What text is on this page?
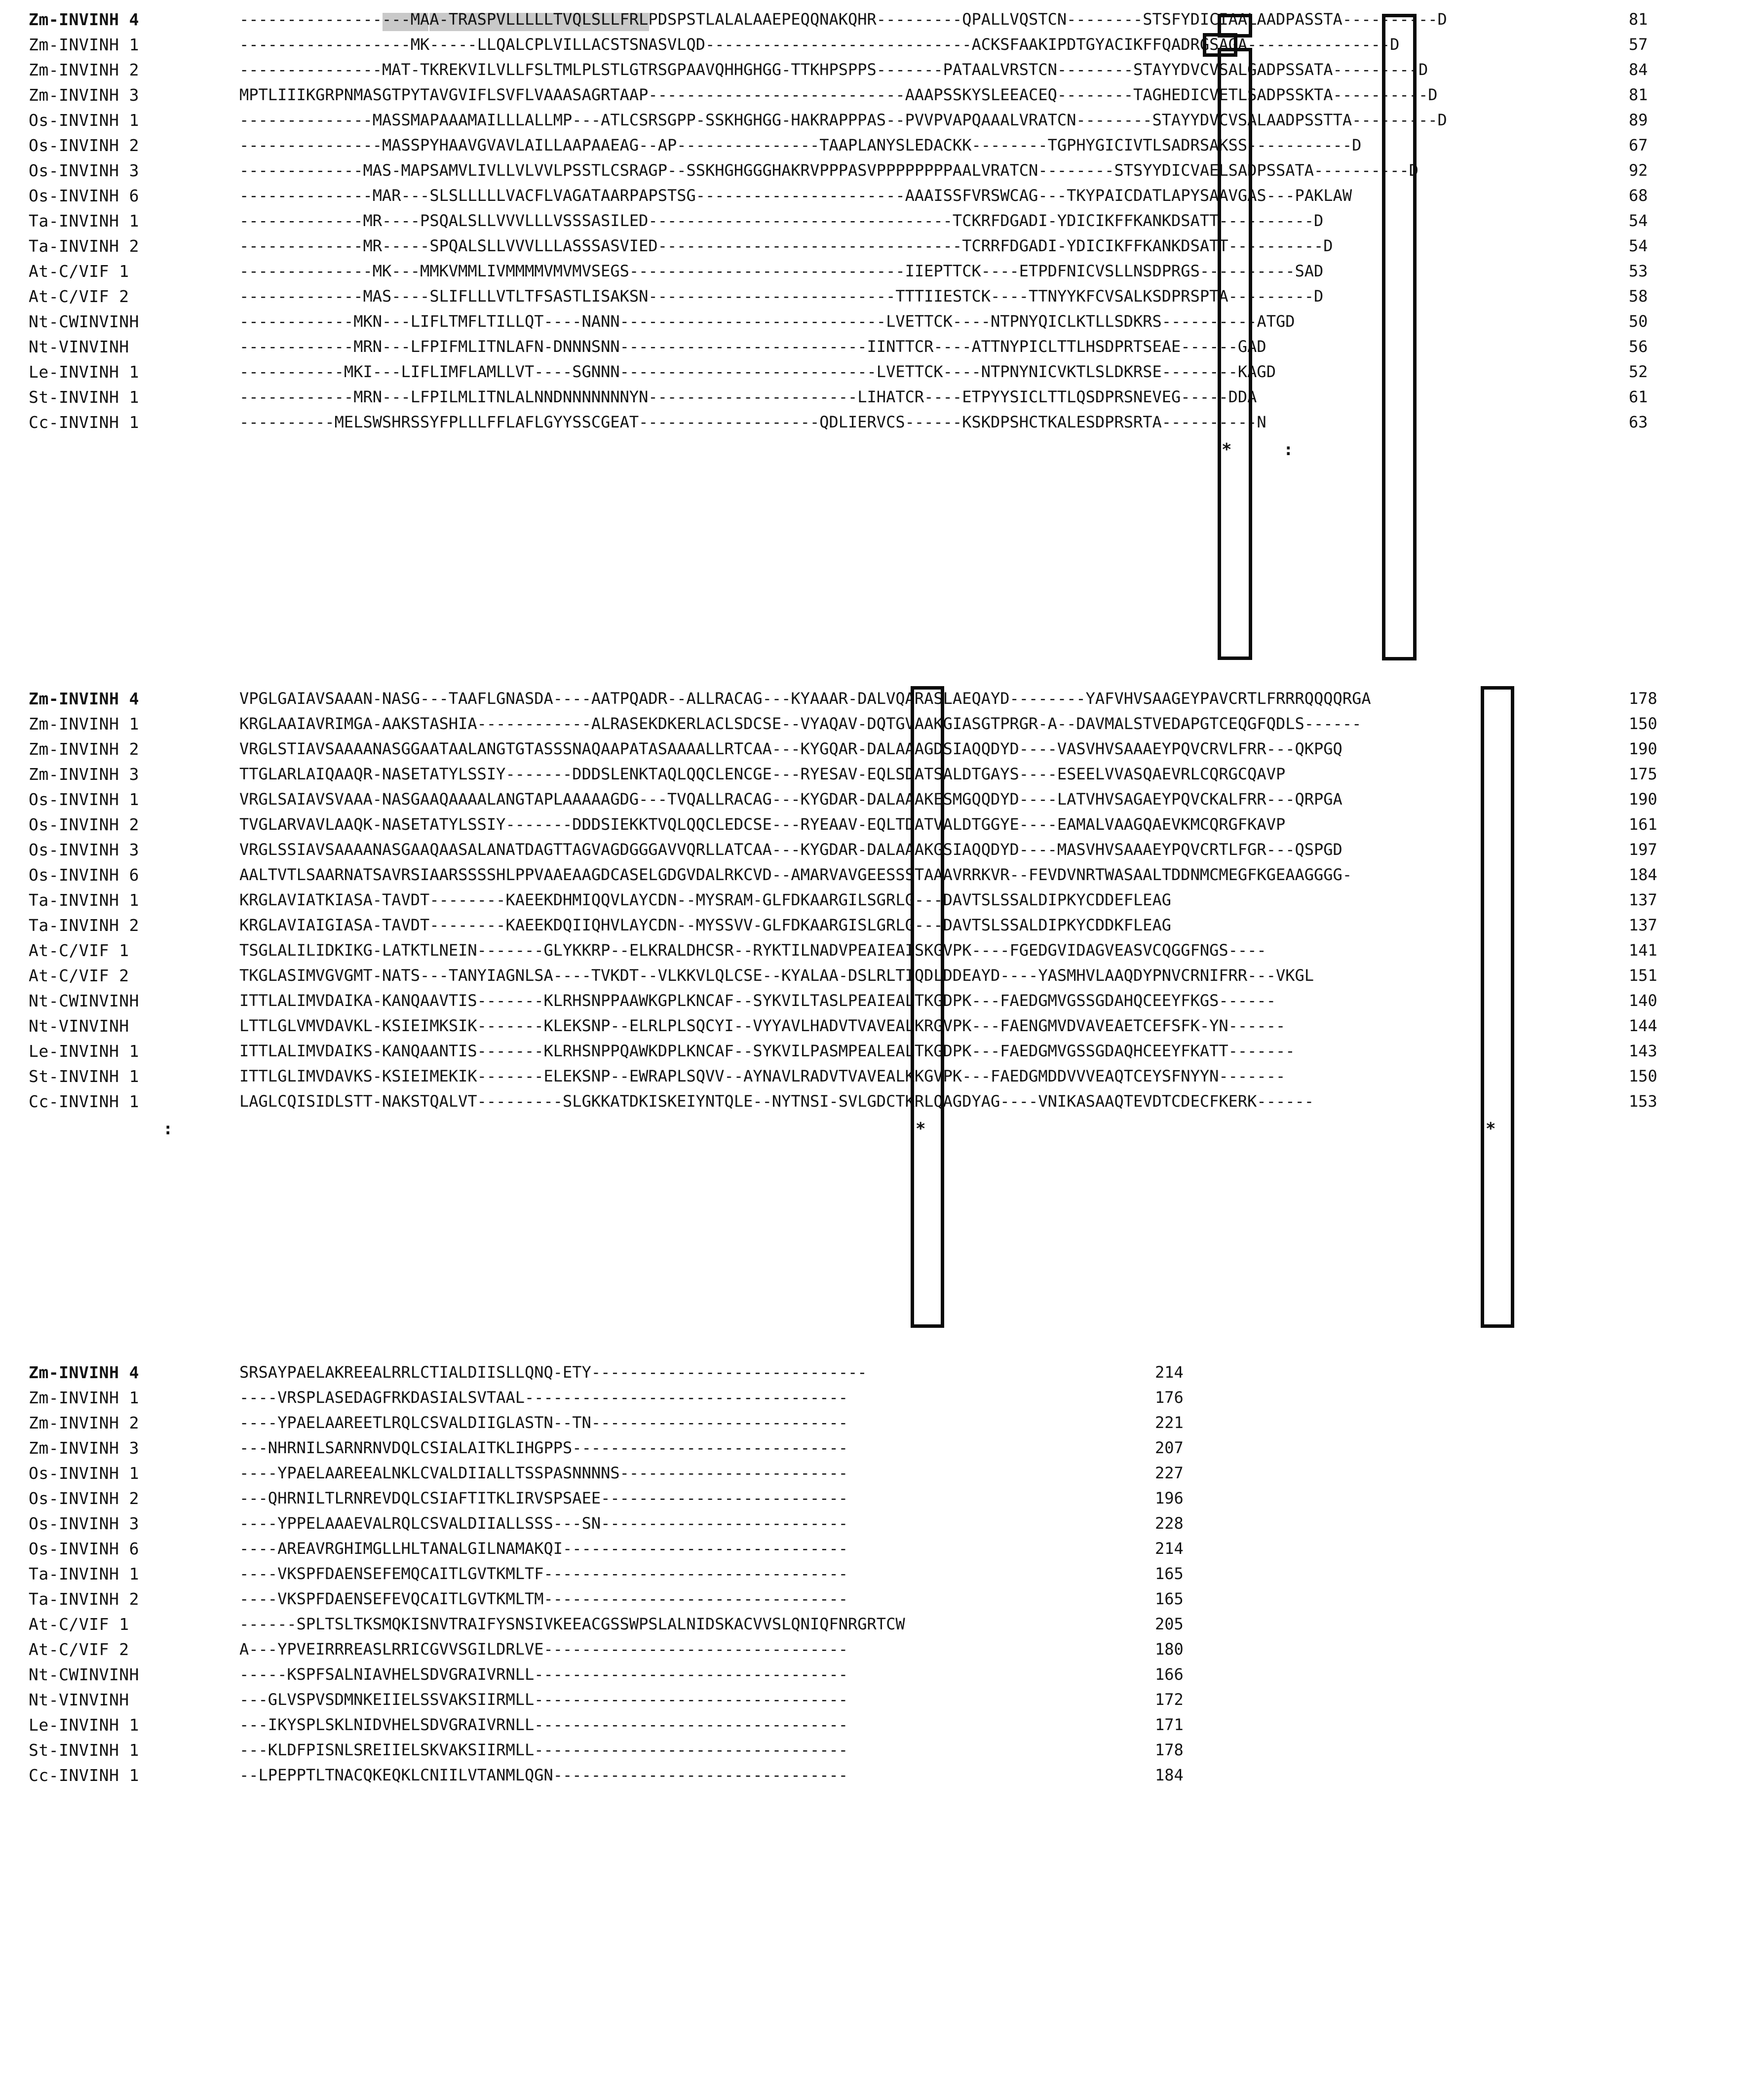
Zm-INVINH 4	------------------MAA-TRASPVLLLLLTVQLSLLFRLPDSPSTLALALAAEPEQQNAKQHR---------QPALLVQSTCN--------STSFYDICIAALAADPASSTA----------D	81
Zm-INVINH 1	------------------MK-----LLQALCPLVILLACSTSNASVLQD----------------------------ACKSFAAKIPDTGYACIKFFQADRGSAGA---------------D	57
Zm-INVINH 2	---------------MAT-TKREKVILVLLFSLTMLPLSTLGTRSGPAAVQHHGHGG-TTKHPSPPS-------PATAALVRSTCN--------STAYYDVCVSALGADPSSATA---------D	84
Zm-INVINH 3	MPTLIIIKGRPNMASGTPYTAVGVIFLSVFLVAAASAGRTAAP---------------------------AAAPSSKYSLEEACEQ--------TAGHEDICVETLSADPSSKTA----------D	81
Os-INVINH 1	--------------MASSMAPAAAMAILLLALLMP---ATLCSRSGPP-SSKHGHGG-HAKRAPPPAS--PVVPVAPQAAALVRATCN--------STAYYDVCVSALAADPSSTTA---------D	89
Os-INVINH 2	---------------MASSPYHAAVGVAVLAILLAAPAAEAG--AP---------------TAAPLANYSLEDACKK--------TGPHYGICIVTLSADRSAKSS-----------D	67
Os-INVINH 3	-------------MAS-MAPSAMVLIVLLVLVVLPSSTLCSRAGP--SSKHGHGGGHAKRVPPPASVPPPPPPPPAALVRATCN--------STSYYDICVAELSADPSSATA----------D	92
Os-INVINH 6	--------------MAR---SLSLLLLLVACFLVAGATAARPAPSTSG----------------------AAAISSFVRSWCAG---TKYPAICDATLAPYSAAVGAS---PAKLAW	68
Ta-INVINH 1	-------------MR----PSQALSLLVVVLLLVSSSASILED--------------------------------TCKRFDGADI-YDICIKFFKANKDSATT----------D	54
Ta-INVINH 2	-------------MR-----SPQALSLLVVVLLLASSSASVIED--------------------------------TCRRFDGADI-YDICIKFFKANKDSATT----------D	54
At-C/VIF 1	--------------MK---MMKVMMLIVMMMMVMVMVSEGS-----------------------------IIEPTTCK----ETPDFNICVSLLNSDPRGS----------SAD	53
At-C/VIF 2	-------------MAS----SLIFLLLVTLTFSASTLISAKSN--------------------------TTTIIESTCK----TTNYYKFCVSALKSDPRSPTA---------D	58
Nt-CWINVINH	------------MKN---LIFLTMFLTILLQT----NANN----------------------------LVETTCK----NTPNYQICLKTLLSDKRS----------ATGD	50
Nt-VINVINH	------------MRN---LFPIFMLITNLAFN-DNNNSNN--------------------------IINTTCR----ATTNYPICLTTLHSDPRTSEAE------GAD	56
Le-INVINH 1	-----------MKI---LIFLIMFLAMLLVT----SGNNN---------------------------LVETTCK----NTPNYNICVKTLSLDKRSE--------KAGD	52
St-INVINH 1	------------MRN---LFPILMLITNLALNNDNNNNNNNYN----------------------LIHATCR----ETPYYSICLTTLQSDPRSNEVEG-----DDA	61
Cc-INVINH 1	----------MELSWSHRSSYFPLLLFFLAFLGYYSSCGEAT-------------------QDLIERVCS------KSKDPSHCTKALESDPRSRTA----------N	63
*	:
Zm-INVINH 4	VPGLGAIAVSAAAN-NASG---TAAFLGNASDA----AATPQADR--ALLRACAG---KYAAAR-DALVQARASLAEQAYD--------YAFVHVSAAGEYPAVCRTLFRRRQQQQRGA	178
Zm-INVINH 1	KRGLAAIAVRIMGA-AAKSTASHIA------------ALRASEKDKERLACLSDCSE--VYAQAV-DQTGVAAKGIASGTPRGR-A--DAVMALSTVEDAPGTCEQGFQDLS------	150
Zm-INVINH 2	VRGLSTIAVSAAAANASGGAATAALANGTGTASSSNAQAAPATASAAAALLRTCAA---KYGQAR-DALAAAGDSIAQQDYD----VASVHVSAAAEYPQVCRVLFRR---QKPGQ	190
Zm-INVINH 3	TTGLARLAIQAAQR-NASETATYLSSIY-------DDDSLENKTAQLQQCLENCGE---RYESAV-EQLSDATSALDTGAYS----ESEELVVASQAEVRLCQRGCQAVP	175
Os-INVINH 1	VRGLSAIAVSVAAA-NASGAAQAAAALANGTAPLAAAAAGDG---TVQALLRACAG---KYGDAR-DALAAAKESMGQQDYD----LATVHVSAGAEYPQVCKALFRR---QRPGA	190
Os-INVINH 2	TVGLARVAVLAAQK-NASETATYLSSIY-------DDDSIEKKTVQLQQCLEDCSE---RYEAAV-EQLTDATVALDTGGYE----EAMALVAAGQAEVKMCQRGFKAVP	161
Os-INVINH 3	VRGLSSIAVSAAAANASGAAQAASALANATDAGTTAGVAGDGGGAVVQRLLATCAA---KYGDAR-DALAAAKGSIAQQDYD----MASVHVSAAAEYPQVCRTLFGR---QSPGD	197
Os-INVINH 6	AALTVTLSAARNATSAVRSIAARSSSSHLPPVAAEAAGDCASELGDGVDALRKCVD--AMARVAVGEESSSTAAAVRRKVR--FEVDVNRTWASAALTDDNMCMEGFKGEAAGGGG-	184
Ta-INVINH 1	KRGLAVIATKIASA-TAVDT--------KAEEKDHMIQQVLAYCDN--MYSRAM-GLFDKAARGILSGRLG---DAVTSLSSALDIPKYCDDEFLEAG	137
Ta-INVINH 2	KRGLAVIAIGIASA-TAVDT--------KAEEKDQIIQHVLAYCDN--MYSSVV-GLFDKAARGISLGRLG---DAVTSLSSALDIPKYCDDKFLEAG	137
At-C/VIF 1	TSGLALILIDKIKG-LATKTLNEIN-------GLYKKRP--ELKRALDHCSR--RYKTILNADVPEAIEAISKGVPK----FGEDGVIDAGVEASVCQGGFNGS----	141
At-C/VIF 2	TKGLASIMVGVGMT-NATS---TANYIAGNLSA----TVKDT--VLKKVLQLCSE--KYALAA-DSLRLTIQDLDDEAYD----YASMHVLAAQDYPNVCRNIFRR---VKGL	151
Nt-CWINVINH	ITTLALIMVDAIKA-KANQAAVTIS-------KLRHSNPPAAWKGPLKNCAF--SYKVILTASLPEAIEALTKGDPK---FAEDGMVGSSGDAHQCEEYFKGS------	140
Nt-VINVINH	LTTLGLVMVDAVKL-KSIEIMKSIK-------KLEKSNP--ELRLPLSQCYI--VYYAVLHADVTVAVEALKRGVPK---FAENGMVDVAVEAETCEFSFK-YN------	144
Le-INVINH 1	ITTLALIMVDAIKS-KANQAANTIS-------KLRHSNPPQAWKDPLKNCAF--SYKVILPASMPEALEALTKGDPK---FAEDGMVGSSGDAQHCEEYFKATT-------	143
St-INVINH 1	ITTLGLIMVDAVKS-KSIEIMEKIK-------ELEKSNP--EWRAPLSQVV--AYNAVLRADVTVAVEALKKGVPK---FAEDGMDDVVVEAQTCEYSFNYYN-------	150
Cc-INVINH 1	LAGLCQISIDLSTT-NAKSTQALVT---------SLGKKATDKISKEIYNTQLE--NYTNSI-SVLGDCTKRLQAGDYAG----VNIKASAAQTEVDTCDECFKERK------	153
:	*	*
Zm-INVINH 4	SRSAYPAELAKREEALRRLCTIALDIISLLQNQ-ETY-----------------------------	214
Zm-INVINH 1	----VRSPLASEDAGFRKDASIALSVTAAL----------------------------------	176
Zm-INVINH 2	----YPAELAAREETLRQLCSVALDIIGLASTN--TN---------------------------	221
Zm-INVINH 3	---NHRNILSARNRNVDQLCSIALAITKLIHGPPS-----------------------------	207
Os-INVINH 1	----YPAELAAREEALNKLCVALDIIALLTSSPASNNNNS------------------------	227
Os-INVINH 2	---QHRNILTLRNREVDQLCSIAFTITKLIRVSPSAEE--------------------------	196
Os-INVINH 3	----YPPELAAAEVALRQLCSVALDIIALLSSS---SN--------------------------	228
Os-INVINH 6	----AREAVRGHIMGLLHLTANALGILNAMAKQI------------------------------	214
Ta-INVINH 1	----VKSPFDAENSEFEMQCAITLGVTKMLTF--------------------------------	165
Ta-INVINH 2	----VKSPFDAENSEFEVQCAITLGVTKMLTM--------------------------------	165
At-C/VIF 1	------SPLTSLTKSMQKISNVTRAIFYSNSIVKEEACGSSWPSLALNIDSKACVVSLQNIQFNRGRTCW	205
At-C/VIF 2	A---YPVEIRRREASLRRICGVVSGILDRLVE--------------------------------	180
Nt-CWINVINH	-----KSPFSALNIAVHELSDVGRAIVRNLL---------------------------------	166
Nt-VINVINH	---GLVSPVSDMNKEIIELSSVAKSIIRMLL---------------------------------	172
Le-INVINH 1	---IKYSPLSKLNIDVHELSDVGRAIVRNLL---------------------------------	171
St-INVINH 1	---KLDFPISNLSREIIELSKVAKSIIRMLL---------------------------------	178
Cc-INVINH 1	--LPEPPTLTNACQKEQKLCNIILVTANMLQGN-------------------------------	184
